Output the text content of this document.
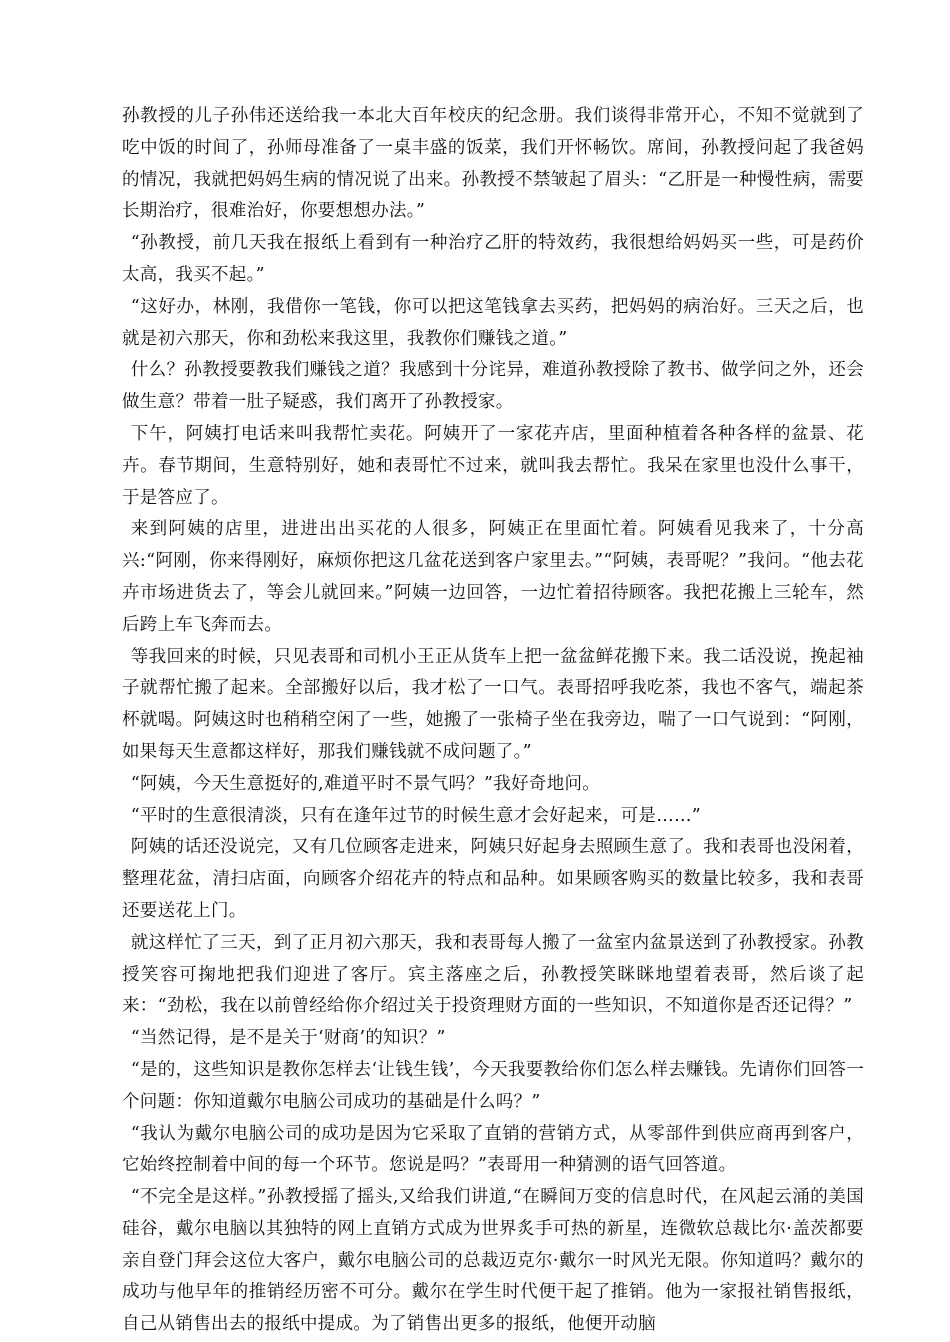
孙教授的儿子孙伟还送给我一本北大百年校庆的纪念册。我们谈得非常开心，不知不觉就到了吃中饭的时间了，孙师母准备了一桌丰盛的饭菜，我们开怀畅饮。席间，孙教授问起了我爸妈的情况，我就把妈妈生病的情况说了出来。孙教授不禁皱起了眉头：“乙肝是一种慢性病，需要长期治疗，很难治好，你要想想办法。”

“孙教授，前几天我在报纸上看到有一种治疗乙肝的特效药，我很想给妈妈买一些，可是药价太高，我买不起。”

“这好办，林刚，我借你一笔钱，你可以把这笔钱拿去买药，把妈妈的病治好。三天之后，也就是初六那天，你和劲松来我这里，我教你们赚钱之道。”

什么？孙教授要教我们赚钱之道？我感到十分诧异，难道孙教授除了教书、做学问之外，还会做生意？带着一肚子疑惑，我们离开了孙教授家。

下午，阿姨打电话来叫我帮忙卖花。阿姨开了一家花卉店，里面种植着各种各样的盆景、花卉。春节期间，生意特别好，她和表哥忙不过来，就叫我去帮忙。我呆在家里也没什么事干，于是答应了。

来到阿姨的店里，进进出出买花的人很多，阿姨正在里面忙着。阿姨看见我来了，十分高兴:“阿刚，你来得刚好，麻烦你把这几盆花送到客户家里去。”“阿姨，表哥呢？”我问。“他去花卉市场进货去了，等会儿就回来。”阿姨一边回答，一边忙着招待顾客。我把花搬上三轮车，然后跨上车飞奔而去。

等我回来的时候，只见表哥和司机小王正从货车上把一盆盆鲜花搬下来。我二话没说，挽起袖子就帮忙搬了起来。全部搬好以后，我才松了一口气。表哥招呼我吃茶，我也不客气，端起茶杯就喝。阿姨这时也稍稍空闲了一些，她搬了一张椅子坐在我旁边，喘了一口气说到：“阿刚，如果每天生意都这样好，那我们赚钱就不成问题了。”

“阿姨，今天生意挺好的,难道平时不景气吗？”我好奇地问。

“平时的生意很清淡，只有在逢年过节的时候生意才会好起来，可是……”

阿姨的话还没说完，又有几位顾客走进来，阿姨只好起身去照顾生意了。我和表哥也没闲着，整理花盆，清扫店面，向顾客介绍花卉的特点和品种。如果顾客购买的数量比较多，我和表哥还要送花上门。

就这样忙了三天，到了正月初六那天，我和表哥每人搬了一盆室内盆景送到了孙教授家。孙教授笑容可掬地把我们迎进了客厅。宾主落座之后，孙教授笑眯眯地望着表哥，然后谈了起来：“劲松，我在以前曾经给你介绍过关于投资理财方面的一些知识，不知道你是否还记得？”

“当然记得，是不是关于‘财商’的知识？”

“是的，这些知识是教你怎样去‘让钱生钱’，今天我要教给你们怎么样去赚钱。先请你们回答一个问题：你知道戴尔电脑公司成功的基础是什么吗？”

“我认为戴尔电脑公司的成功是因为它采取了直销的营销方式，从零部件到供应商再到客户，它始终控制着中间的每一个环节。您说是吗？”表哥用一种猜测的语气回答道。

“不完全是这样。”孙教授摇了摇头,又给我们讲道,“在瞬间万变的信息时代，在风起云涌的美国硅谷，戴尔电脑以其独特的网上直销方式成为世界炙手可热的新星，连微软总裁比尔·盖茨都要亲自登门拜会这位大客户，戴尔电脑公司的总裁迈克尔·戴尔一时风光无限。你知道吗？戴尔的成功与他早年的推销经历密不可分。戴尔在学生时代便干起了推销。他为一家报社销售报纸，自己从销售出去的报纸中提成。为了销售出更多的报纸，他便开动脑
